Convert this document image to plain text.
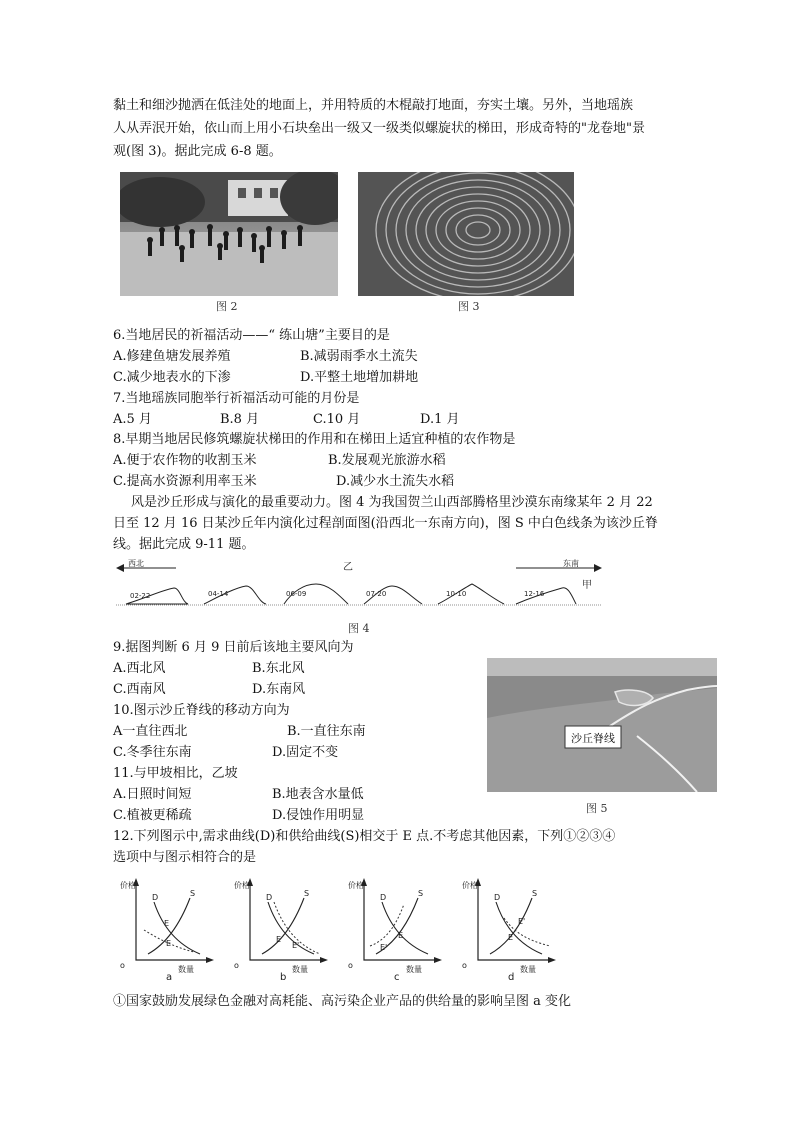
黏土和细沙抛洒在低洼处的地面上，并用特质的木棍敲打地面，夯实土壤。另外，当地瑶族
人从弄泯开始，依山而上用小石块垒出一级又一级类似螺旋状的梯田，形成奇特的"龙卷地"景
观(图 3)。据此完成 6-8 题。
图 2	图 3
6.当地居民的祈福活动——“ 练山塘”主要目的是
A.修建鱼塘发展养殖	B.减弱雨季水土流失
C.减少地表水的下渗	D.平整土地增加耕地
7.当地瑶族同胞举行祈福活动可能的月份是
A.5 月	B.8 月	C.10 月	D.1 月
8.早期当地居民修筑螺旋状梯田的作用和在梯田上适宜种植的农作物是
A.便于农作物的收割玉米	B.发展观光旅游水稻
C.提高水资源利用率玉米	D.减少水土流失水稻
风是沙丘形成与演化的最重要动力。图 4 为我国贺兰山西部腾格里沙漠东南缘某年 2 月 22
日至 12 月 16 日某沙丘年内演化过程剖面图(沿西北一东南方向)，图 S 中白色线条为该沙丘脊
线。据此完成 9-11 题。
西北	东南
乙
甲
02-22	04-14	06-09	07-20	10-10	12-16
图 4
9.据图判断 6 月 9 日前后该地主要风向为
A.西北风	B.东北风
C.西南风	D.东南风
10.图示沙丘脊线的移动方向为
A一直往西北	B.一直往东南
C.冬季往东南	D.固定不变
11.与甲坡相比，乙坡
A.日照时间短	B.地表含水量低
C.植被更稀疏	D.侵蚀作用明显
沙丘脊线
图 5
12.下列图示中,需求曲线(D)和供给曲线(S)相交于 E 点.不考虑其他因素，下列①②③④
选项中与图示相符合的是
价格
数量
o
D	S
E
E
a
价格
数量
o
D	S
E
E'
b
价格
数量
o
D	S
E
E'
c
价格
数量
o
D	S
E'
E
d
①国家鼓励发展绿色金融对高耗能、高污染企业产品的供给量的影响呈图 a 变化
